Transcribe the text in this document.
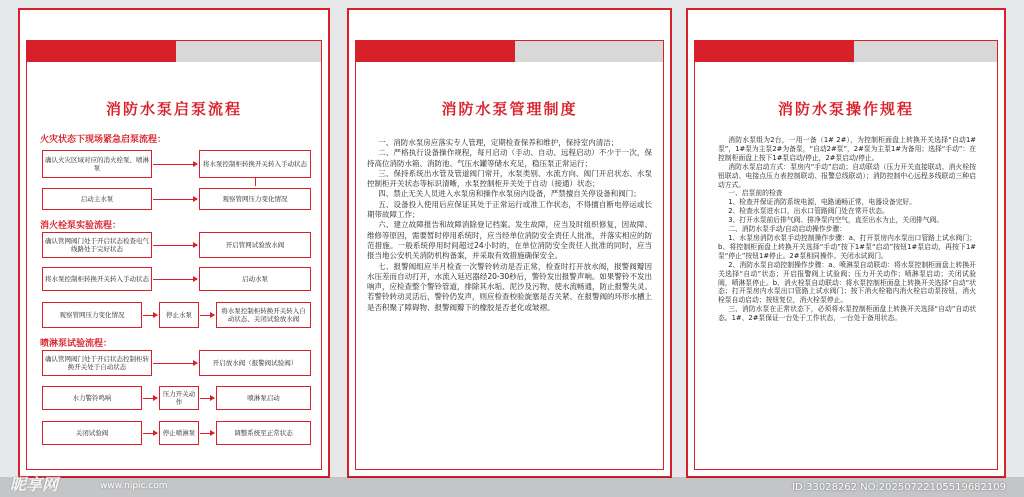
消防水泵启泵流程
火灾状态下现场紧急启泵流程：
确认火灾区域对应的消火栓泵、喷淋泵	将水泵控制柜转换开关转入手动状态
启动主水泵	观察管网压力变化情况
消火栓泵实验流程：
确认管网阀门处于开启状态检查电气线路处于完好状态	开启管网试验放水阀
将水泵控制柜转换开关转入手动状态	启动水泵
观察管网压力变化情况	停止水泵	将水泵控制柜转换开关转入自动状态、关闭试验放水阀
喷淋泵试验流程：
确认管网阀门处于开启状态控制柜转换开关处于自动状态	开启放水阀（报警阀试验阀）
水力警铃鸣响	压力开关动作	喷淋泵启动
关闭试验阀	停止喷淋泵	调整系统至正常状态
消防水泵管理制度

一、消防水泵房应落实专人管理，定期检查保养和维护，保持室内清洁；

二、严格执行设备操作规程，每月启动（手动、自动、远程启动）不少于一次，保持高位消防水箱、消防池、气压水罐等储水充足，稳压泵正常运行；

三、保持系统出水管及管道阀门常开，水泵类别、水流方向、阀门开启状态、水泵控制柜开关状态等标识清晰，水泵控制柜开关处于自动（接通）状态；

四、禁止无关人员进入水泵房和操作水泵房内设备，严禁擅自关停设备和阀门；

五、设备投入使用后应保证其处于正常运行或准工作状态，不得擅自断电停运或长期带故障工作；

六、建立故障报告和故障消除登记档案。发生故障，应当及时组织修复，因故障、维修等原因，需要暂时停用系统时，应当经单位消防安全责任人批准，并落实相应的防范措施。一般系统停用时间超过24小时的，在单位消防安全责任人批准的同时，应当报当地公安机关消防机构备案，并采取有效措施确保安全。

七、报警阀组应半月检查一次警铃转动是否正常，检查时打开放水阀，报警阀瓣因水压差而自动打开，水流入延迟器经20-30秒后，警铃发出报警声响。如果警铃不发出响声，应检查整个警铃管道，排除其水垢、泥沙及污物，使水流畅通，防止报警失灵。若警铃转动灵活后，警铃仍发声，则应检查校验旋塞是否关紧、在报警阀的环形水槽上是否积聚了障碍物、报警阀瓣下的橡胶是否老化或皱褶。

消防水泵操作规程

消防水泵组为2台，一用一备（1# 2#），为控制柜面盘上转换开关选择“自动1#泵”，1#泵为主泵2#为备泵，“自动2#泵”，2#泵为主泵1#为备用；选择“手动”：在控制柜面盘上按下1#泵启动/停止，2#泵启动/停止。

消防水泵启动方式：泵房内“手动”启动；自动联动（压力开关直接联动、消火栓按钮联动、电接点压力表控制联动、报警总线联动）；消防控制中心远程多线联动三种启动方式。

一、启泵前的检查

1、检查并保证消防系统电源，电路通畅正常，电器设备完好。

2、检查水泵进水口，出水口管路阀门处在常开状态。

3、打开水泵前后排气阀、排净泵内空气，直至出水为止，关闭排气阀。

二、消防水泵手动/自动启动操作步骤：

1、水泵房消防水泵手动控制操作步骤：a、打开泵房内水泵出口管路上试水阀门；b、将控制柜面盘上转换开关选择“手动”按下1#泵“启动”按钮1#泵启动，再按下1#泵“停止”按钮1#停止。2#泵相同操作。关闭水试阀门。

2、消防水泵自动控制操作步骤：a、喷淋泵自动联动：将水泵控制柜面盘上转换开关选择“自动”状态；开启报警阀上试验阀；压力开关动作；喷淋泵启动；关闭试验阀，喷淋泵停止。b、消火栓泵自动联动：将水泵控制柜面盘上转换开关选择“自动”状态；打开泵房内水泵出口管路上试水阀门；按下消火栓箱内消火栓启动泵按钮，消火栓泵自动启动；按钮复位，消火栓泵停止。

三、消防水泵在正常状态下，必须将水泵控制柜面盘上转换开关选择“自动”自动状态。1#、2#泵保证一台处于工作状态，一台处于备用状态。

昵享网	www.nipic.com	ID:33028262 NO:20250722105519682109
